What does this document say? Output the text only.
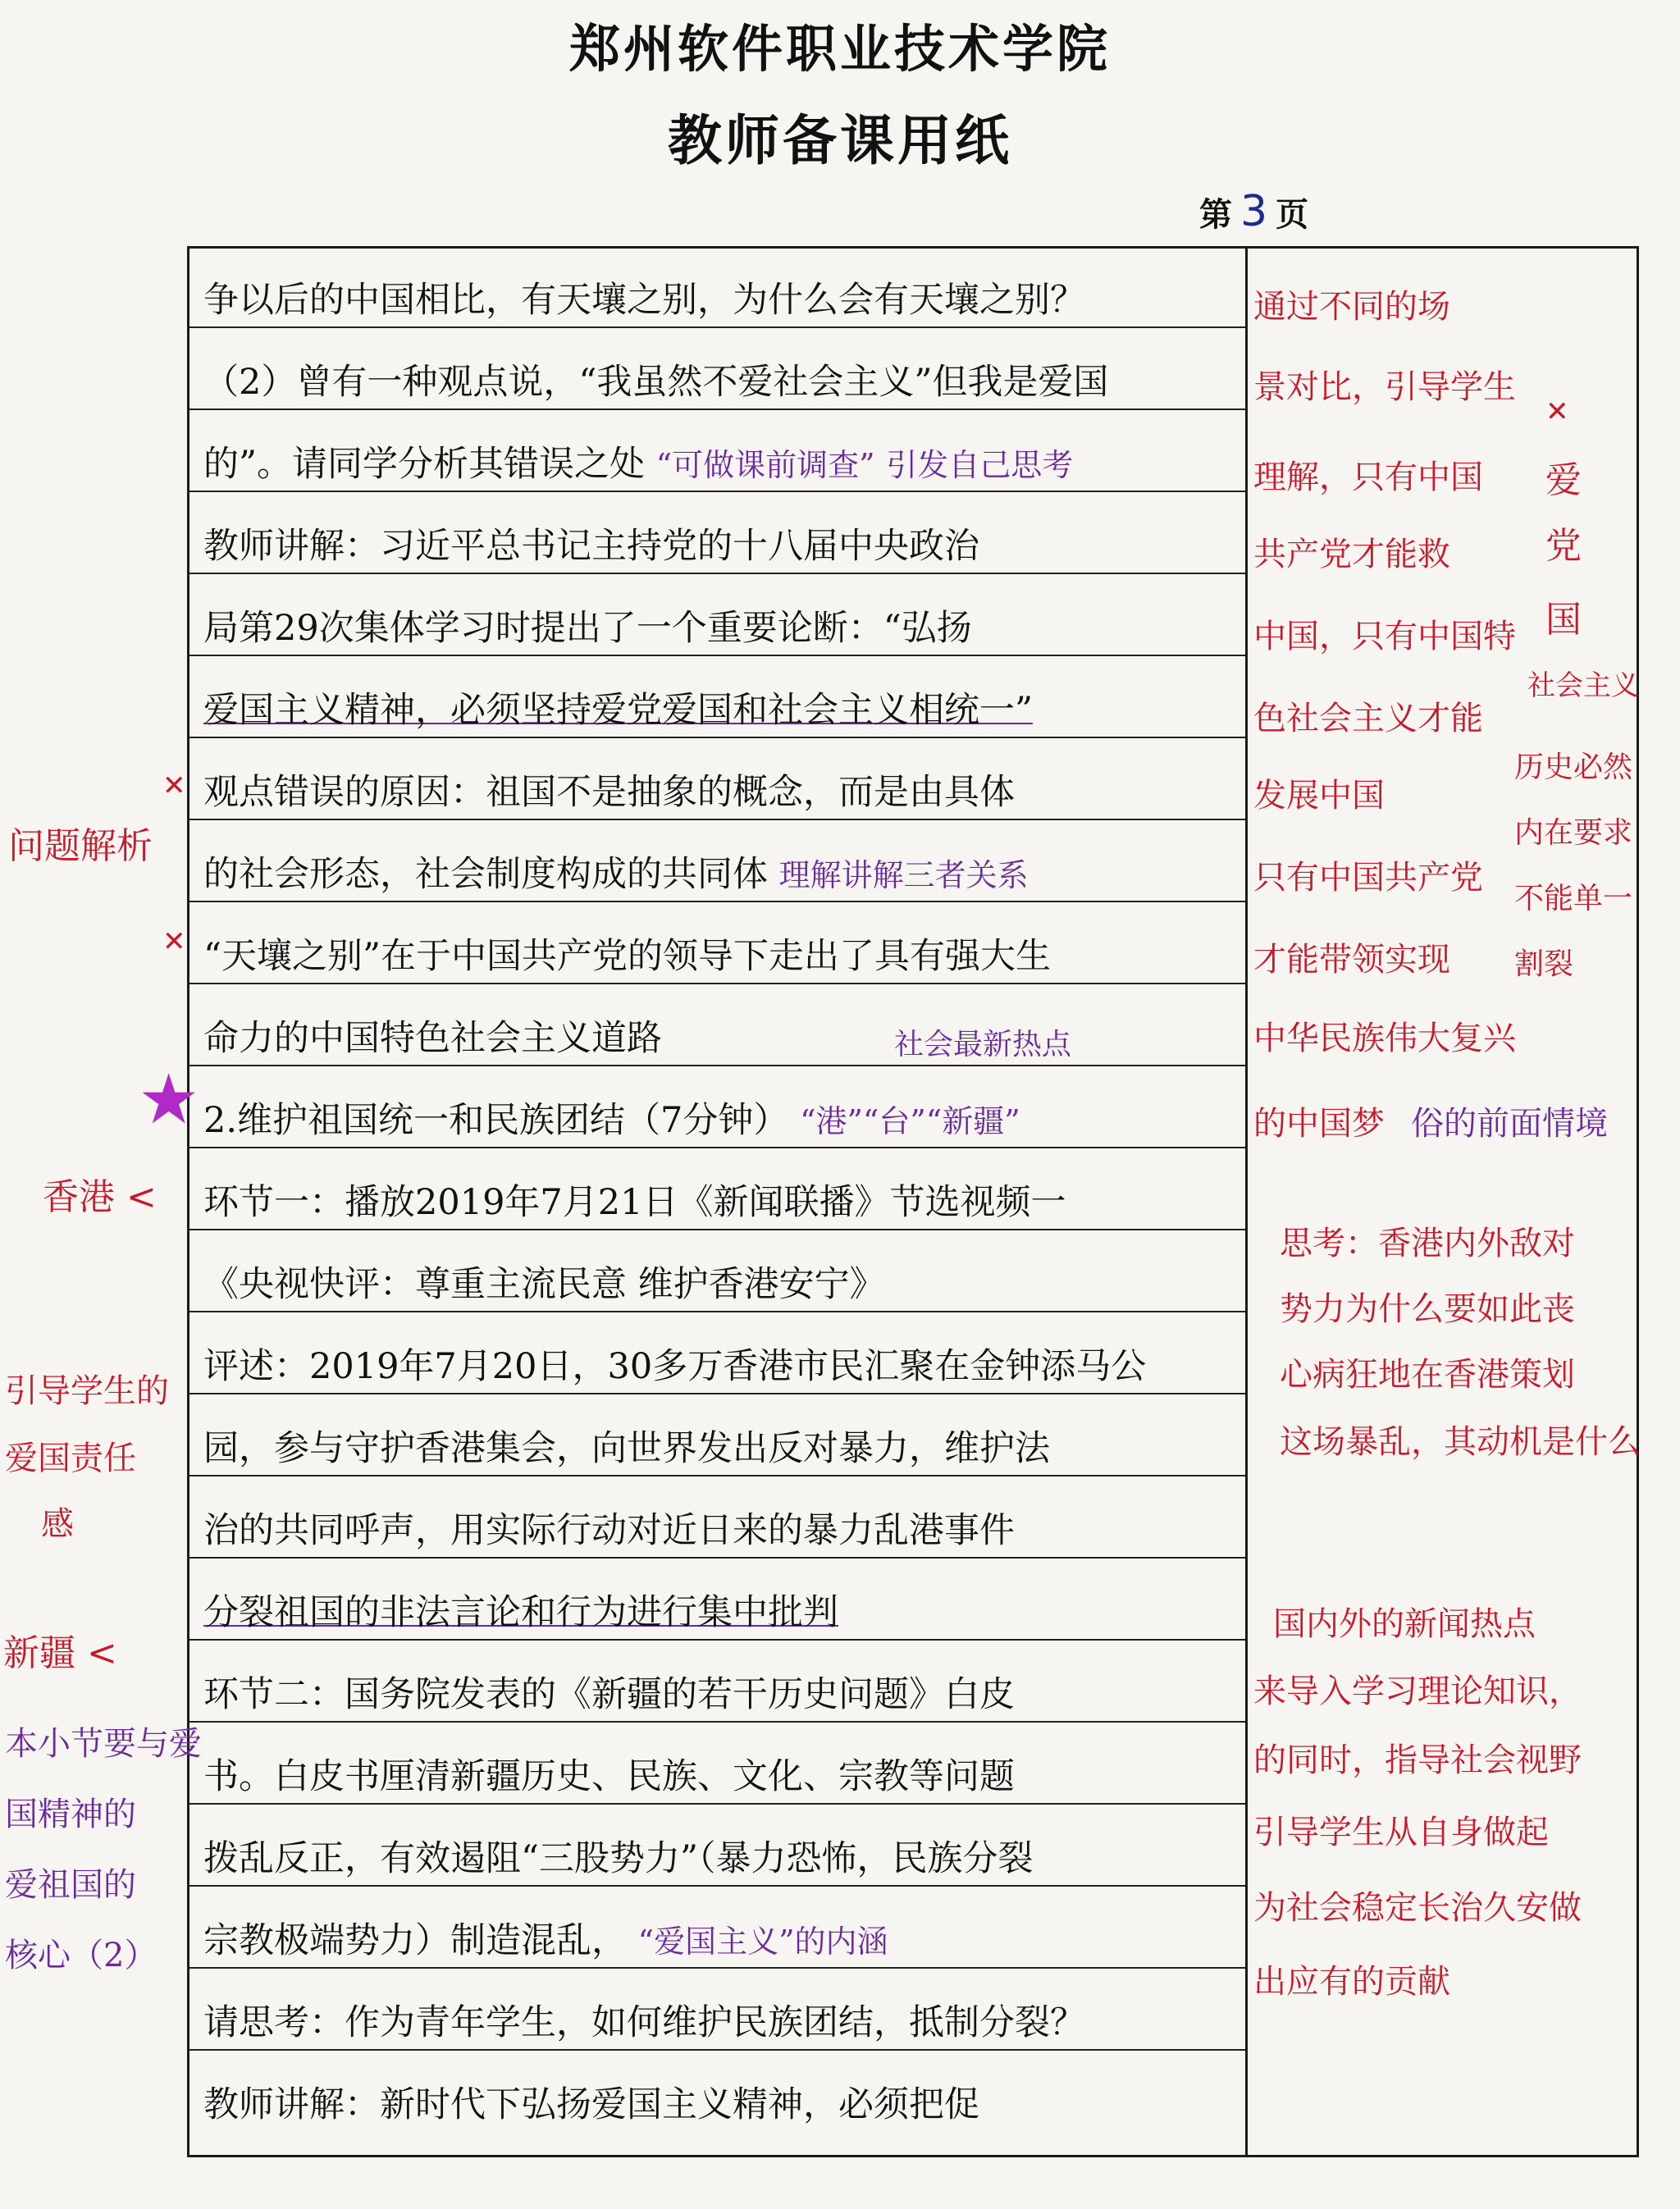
郑州软件职业技术学院
教师备课用纸
第 3 页
争以后的中国相比，有天壤之别，为什么会有天壤之别？
（2）曾有一种观点说，“我虽然不爱社会主义”但我是爱国
的”。请同学分析其错误之处 “可做课前调查” 引发自己思考
教师讲解：习近平总书记主持党的十八届中央政治
局第29次集体学习时提出了一个重要论断：“弘扬
爱国主义精神，必须坚持爱党爱国和社会主义相统一”
观点错误的原因：祖国不是抽象的概念，而是由具体
的社会形态，社会制度构成的共同体 理解讲解三者关系
“天壤之别”在于中国共产党的领导下走出了具有强大生
命力的中国特色社会主义道路	社会最新热点
2.维护祖国统一和民族团结（7分钟） “港”“台”“新疆”
环节一：播放2019年7月21日《新闻联播》节选视频一
《央视快评：尊重主流民意 维护香港安宁》
评述：2019年7月20日，30多万香港市民汇聚在金钟添马公
园，参与守护香港集会，向世界发出反对暴力，维护法
治的共同呼声，用实际行动对近日来的暴力乱港事件
分裂祖国的非法言论和行为进行集中批判
环节二：国务院发表的《新疆的若干历史问题》白皮
书。白皮书厘清新疆历史、民族、文化、宗教等问题
拨乱反正，有效遏阻“三股势力”（暴力恐怖，民族分裂
宗教极端势力）制造混乱， “爱国主义”的内涵
请思考：作为青年学生，如何维护民族团结，抵制分裂？
教师讲解：新时代下弘扬爱国主义精神，必须把促
通过不同的场
景对比，引导学生
理解，只有中国
共产党才能救
中国，只有中国特
色社会主义才能
发展中国
只有中国共产党
才能带领实现
中华民族伟大复兴
的中国梦 俗的前面情境
思考：香港内外敌对
势力为什么要如此丧
心病狂地在香港策划
这场暴乱，其动机是什么
国内外的新闻热点
来导入学习理论知识，
的同时，指导社会视野
引导学生从自身做起
为社会稳定长治久安做
出应有的贡献
✕
爱
党
国
社会主义
历史必然
内在要求
不能单一
割裂
✕
问题解析
✕
★
香港 <
引导学生的
爱国责任
感
新疆 <
本小节要与爱
国精神的
爱祖国的
核心（2）
